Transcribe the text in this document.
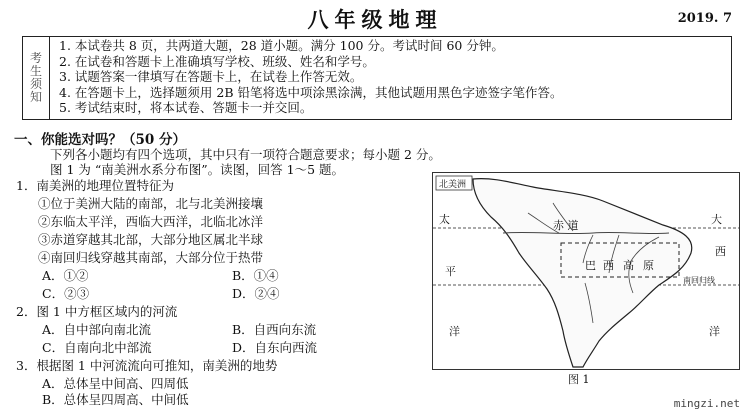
八年级地理	2019. 7
考
生
须
知
1. 本试卷共 8 页，共两道大题，28 道小题。满分 100 分。考试时间 60 分钟。
2. 在试卷和答题卡上准确填写学校、班级、姓名和学号。
3. 试题答案一律填写在答题卡上，在试卷上作答无效。
4. 在答题卡上，选择题须用 2B 铅笔将选中项涂黑涂满，其他试题用黑色字迹签字笔作答。
5. 考试结束时，将本试卷、答题卡一并交回。
一、你能选对吗？（50 分）
下列各小题均有四个选项，其中只有一项符合题意要求；每小题 2 分。
图 1 为 “南美洲水系分布图”。读图，回答 1～5 题。
1．南美洲的地理位置特征为
①位于美洲大陆的南部，北与北美洲接壤
②东临太平洋，西临大西洋，北临北冰洋
③赤道穿越其北部，大部分地区属北半球
④南回归线穿越其南部，大部分位于热带
A．①②	B．①④
C．②③	D．②④
2．图 1 中方框区域内的河流
A．自中部向南北流	B．自西向东流
C．自南向北中部流	D．自东向西流
3．根据图 1 中河流流向可推知，南美洲的地势
A．总体呈中间高、四周低
B．总体呈四周高、中间低
北美洲
大
太	赤 道
西
巴 西 高 原
平
南回归线
洋	洋
图 1
mingzi.net
